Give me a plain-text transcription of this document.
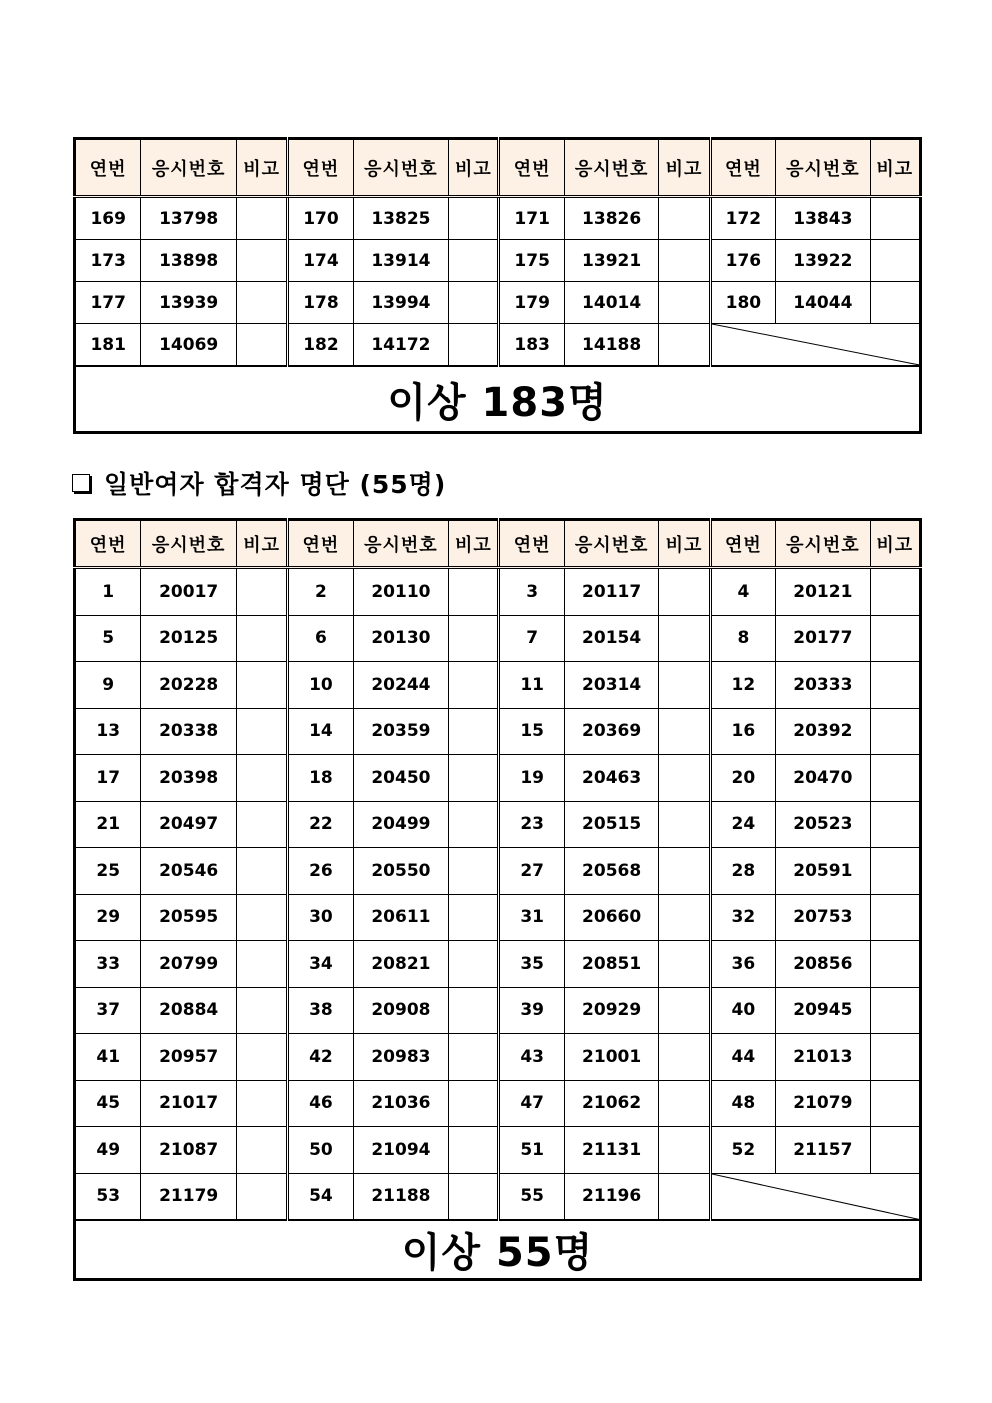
연번	응시번호	비고	연번	응시번호	비고	연번	응시번호	비고	연번	응시번호	비고
169	13798		170	13825		171	13826		172	13843	
173	13898		174	13914		175	13921		176	13922	
177	13939		178	13994		179	14014		180	14044	
181	14069		182	14172		183	14188		

이상 183명											
일반여자 합격자 명단 (55명)
연번	응시번호	비고	연번	응시번호	비고	연번	응시번호	비고	연번	응시번호	비고
1	20017		2	20110		3	20117		4	20121	
5	20125		6	20130		7	20154		8	20177	
9	20228		10	20244		11	20314		12	20333	
13	20338		14	20359		15	20369		16	20392	
17	20398		18	20450		19	20463		20	20470	
21	20497		22	20499		23	20515		24	20523	
25	20546		26	20550		27	20568		28	20591	
29	20595		30	20611		31	20660		32	20753	
33	20799		34	20821		35	20851		36	20856	
37	20884		38	20908		39	20929		40	20945	
41	20957		42	20983		43	21001		44	21013	
45	21017		46	21036		47	21062		48	21079	
49	21087		50	21094		51	21131		52	21157	
53	21179		54	21188		55	21196		

이상 55명											
